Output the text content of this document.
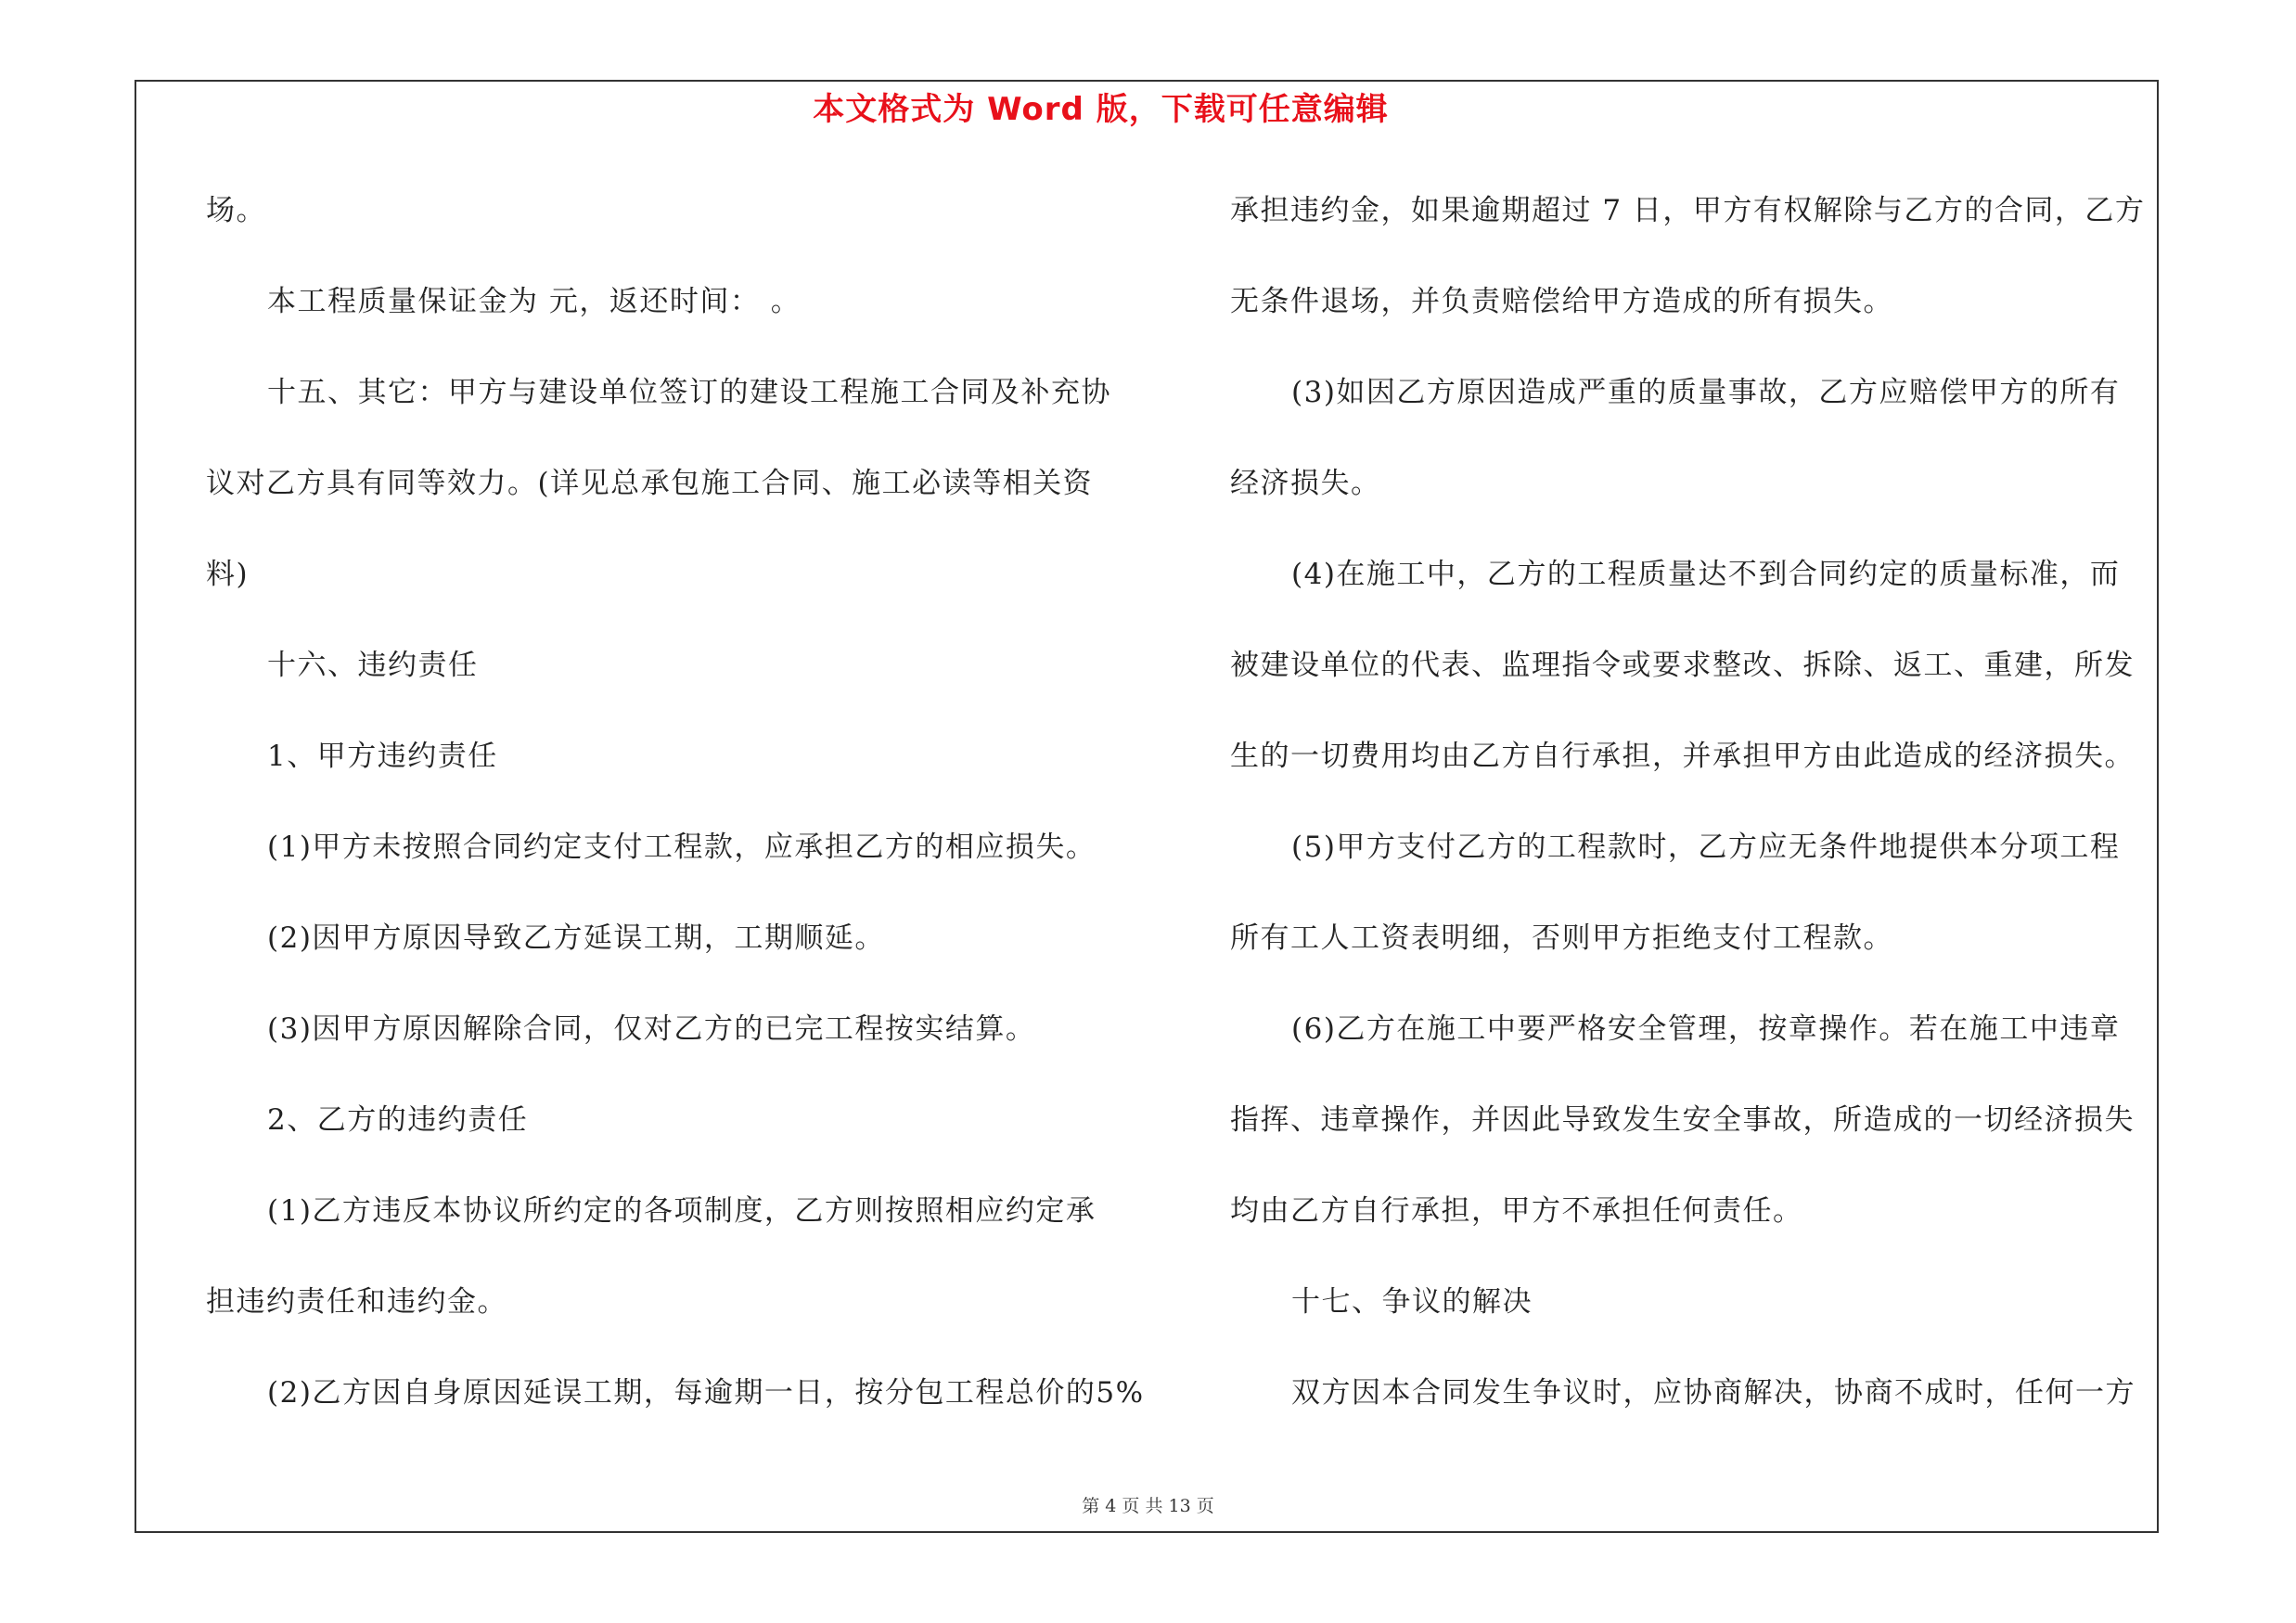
本文格式为 Word 版，下载可任意编辑
场。
本工程质量保证金为 元，返还时间： 。
十五、其它：甲方与建设单位签订的建设工程施工合同及补充协
议对乙方具有同等效力。(详见总承包施工合同、施工必读等相关资
料)
十六、违约责任
1、甲方违约责任
(1)甲方未按照合同约定支付工程款，应承担乙方的相应损失。
(2)因甲方原因导致乙方延误工期，工期顺延。
(3)因甲方原因解除合同，仅对乙方的已完工程按实结算。
2、乙方的违约责任
(1)乙方违反本协议所约定的各项制度，乙方则按照相应约定承
担违约责任和违约金。
(2)乙方因自身原因延误工期，每逾期一日，按分包工程总价的5%
承担违约金，如果逾期超过 7 日，甲方有权解除与乙方的合同，乙方
无条件退场，并负责赔偿给甲方造成的所有损失。
(3)如因乙方原因造成严重的质量事故，乙方应赔偿甲方的所有
经济损失。
(4)在施工中，乙方的工程质量达不到合同约定的质量标准，而
被建设单位的代表、监理指令或要求整改、拆除、返工、重建，所发
生的一切费用均由乙方自行承担，并承担甲方由此造成的经济损失。
(5)甲方支付乙方的工程款时，乙方应无条件地提供本分项工程
所有工人工资表明细，否则甲方拒绝支付工程款。
(6)乙方在施工中要严格安全管理，按章操作。若在施工中违章
指挥、违章操作，并因此导致发生安全事故，所造成的一切经济损失
均由乙方自行承担，甲方不承担任何责任。
十七、争议的解决
双方因本合同发生争议时，应协商解决，协商不成时，任何一方
第 4 页 共 13 页
